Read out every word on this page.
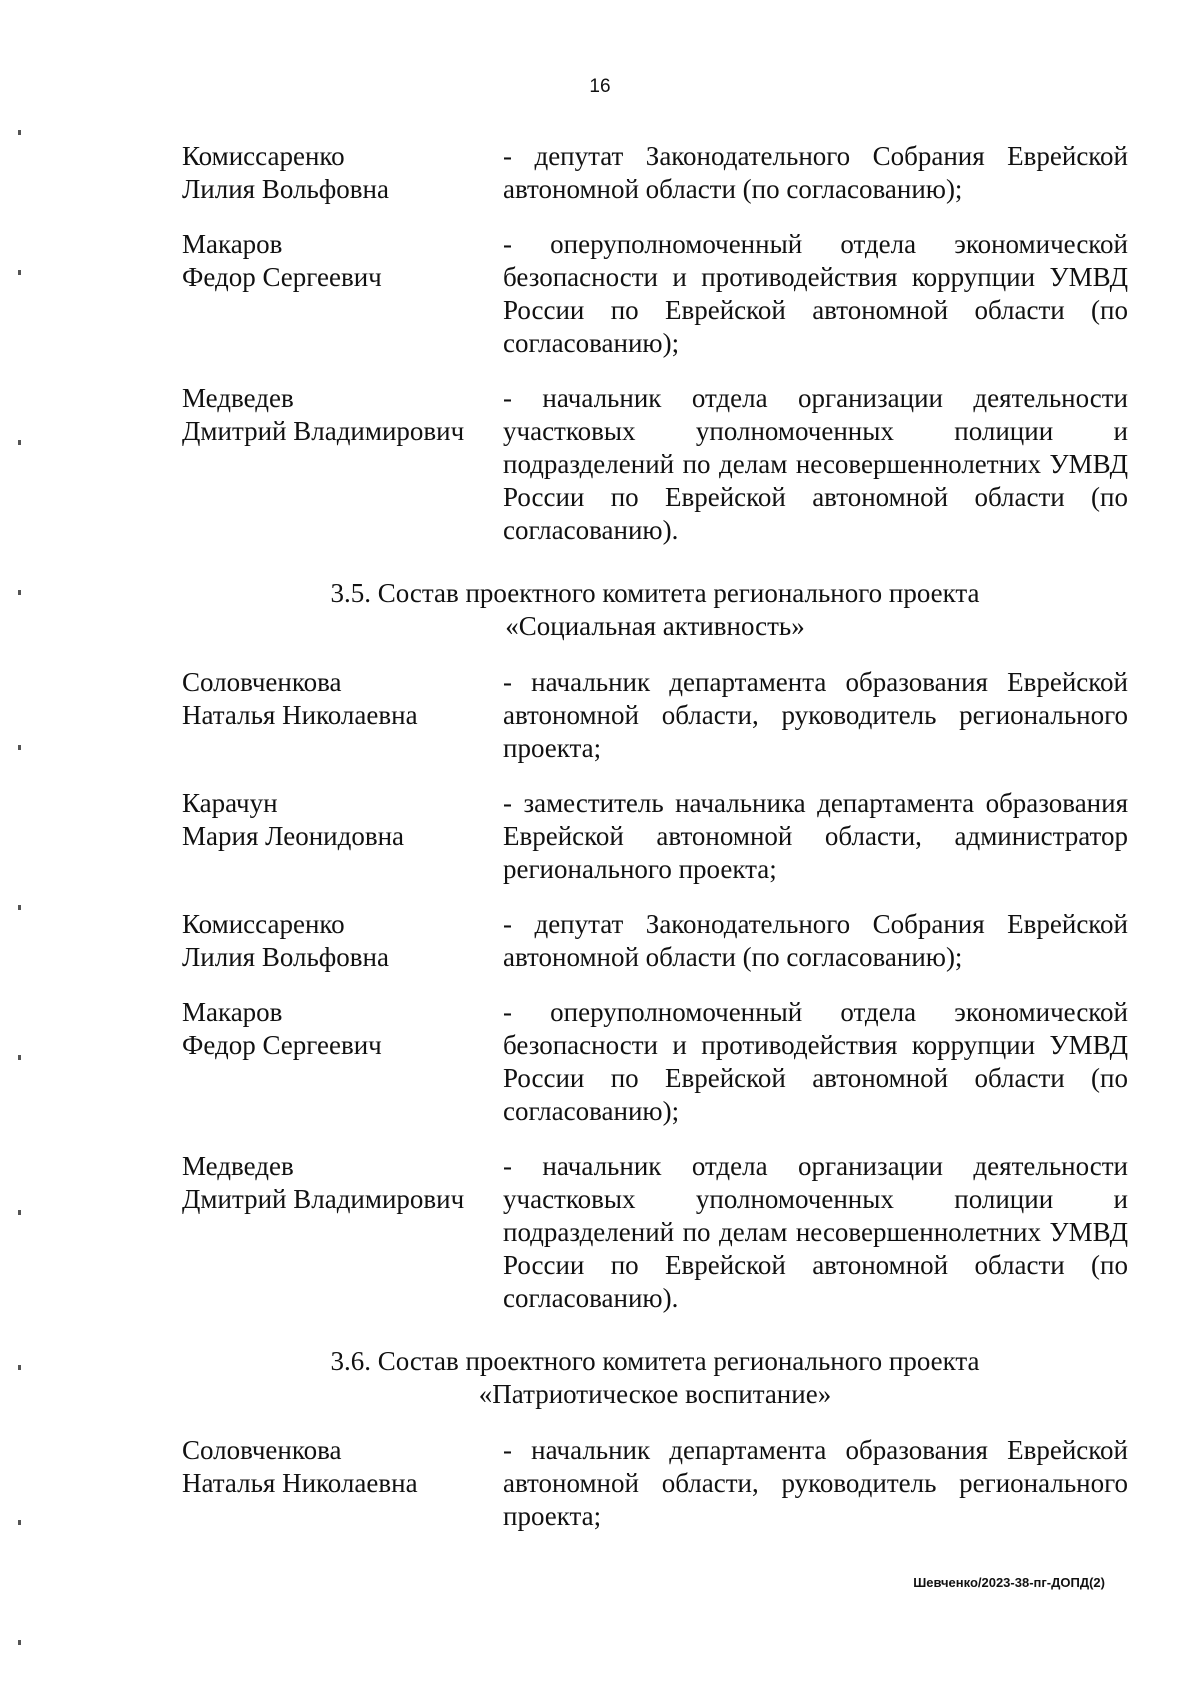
16
Комиссаренко
Лилия Вольфовна
- депутат Законодательного Собрания Еврейской автономной области (по согласованию);
Макаров
Федор Сергеевич
- оперуполномоченный отдела экономической безопасности и противодействия коррупции УМВД России по Еврейской автономной области (по согласованию);
Медведев
Дмитрий Владимирович
- начальник отдела организации деятельности участковых уполномоченных полиции и подразделений по делам несовершеннолетних УМВД России по Еврейской автономной области (по согласованию).
3.5. Состав проектного комитета регионального проекта
«Социальная активность»
Соловченкова
Наталья Николаевна
- начальник департамента образования Еврейской автономной области, руководитель регионального проекта;
Карачун
Мария Леонидовна
- заместитель начальника департамента образования Еврейской автономной области, администратор регионального проекта;
Комиссаренко
Лилия Вольфовна
- депутат Законодательного Собрания Еврейской автономной области (по согласованию);
Макаров
Федор Сергеевич
- оперуполномоченный отдела экономической безопасности и противодействия коррупции УМВД России по Еврейской автономной области (по согласованию);
Медведев
Дмитрий Владимирович
- начальник отдела организации деятельности участковых уполномоченных полиции и подразделений по делам несовершеннолетних УМВД России по Еврейской автономной области (по согласованию).
3.6. Состав проектного комитета регионального проекта
«Патриотическое воспитание»
Соловченкова
Наталья Николаевна
- начальник департамента образования Еврейской автономной области, руководитель регионального проекта;
Шевченко/2023-38-пг-ДОПД(2)
